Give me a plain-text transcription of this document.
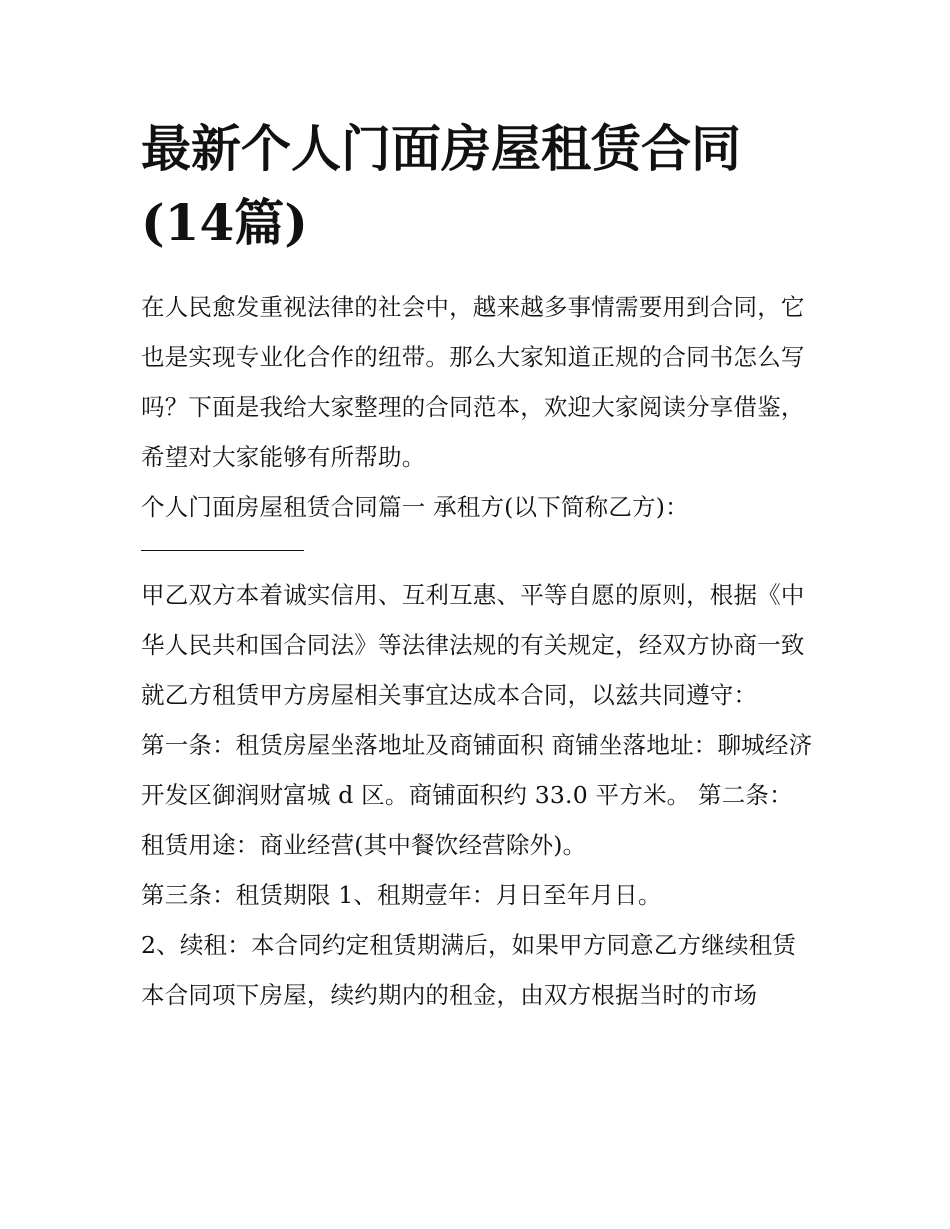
最新个人门面房屋租赁合同(14篇)

在人民愈发重视法律的社会中，越来越多事情需要用到合同，它也是实现专业化合作的纽带。那么大家知道正规的合同书怎么写吗？下面是我给大家整理的合同范本，欢迎大家阅读分享借鉴，希望对大家能够有所帮助。

个人门面房屋租赁合同篇一 承租方(以下简称乙方)：

甲乙双方本着诚实信用、互利互惠、平等自愿的原则，根据《中华人民共和国合同法》等法律法规的有关规定，经双方协商一致就乙方租赁甲方房屋相关事宜达成本合同，以兹共同遵守：

第一条：租赁房屋坐落地址及商铺面积 商铺坐落地址：聊城经济开发区御润财富城 d 区。商铺面积约 33.0 平方米。 第二条：租赁用途：商业经营(其中餐饮经营除外)。

第三条：租赁期限 1、租期壹年：月日至年月日。

2、续租：本合同约定租赁期满后，如果甲方同意乙方继续租赁本合同项下房屋，续约期内的租金，由双方根据当时的市场
